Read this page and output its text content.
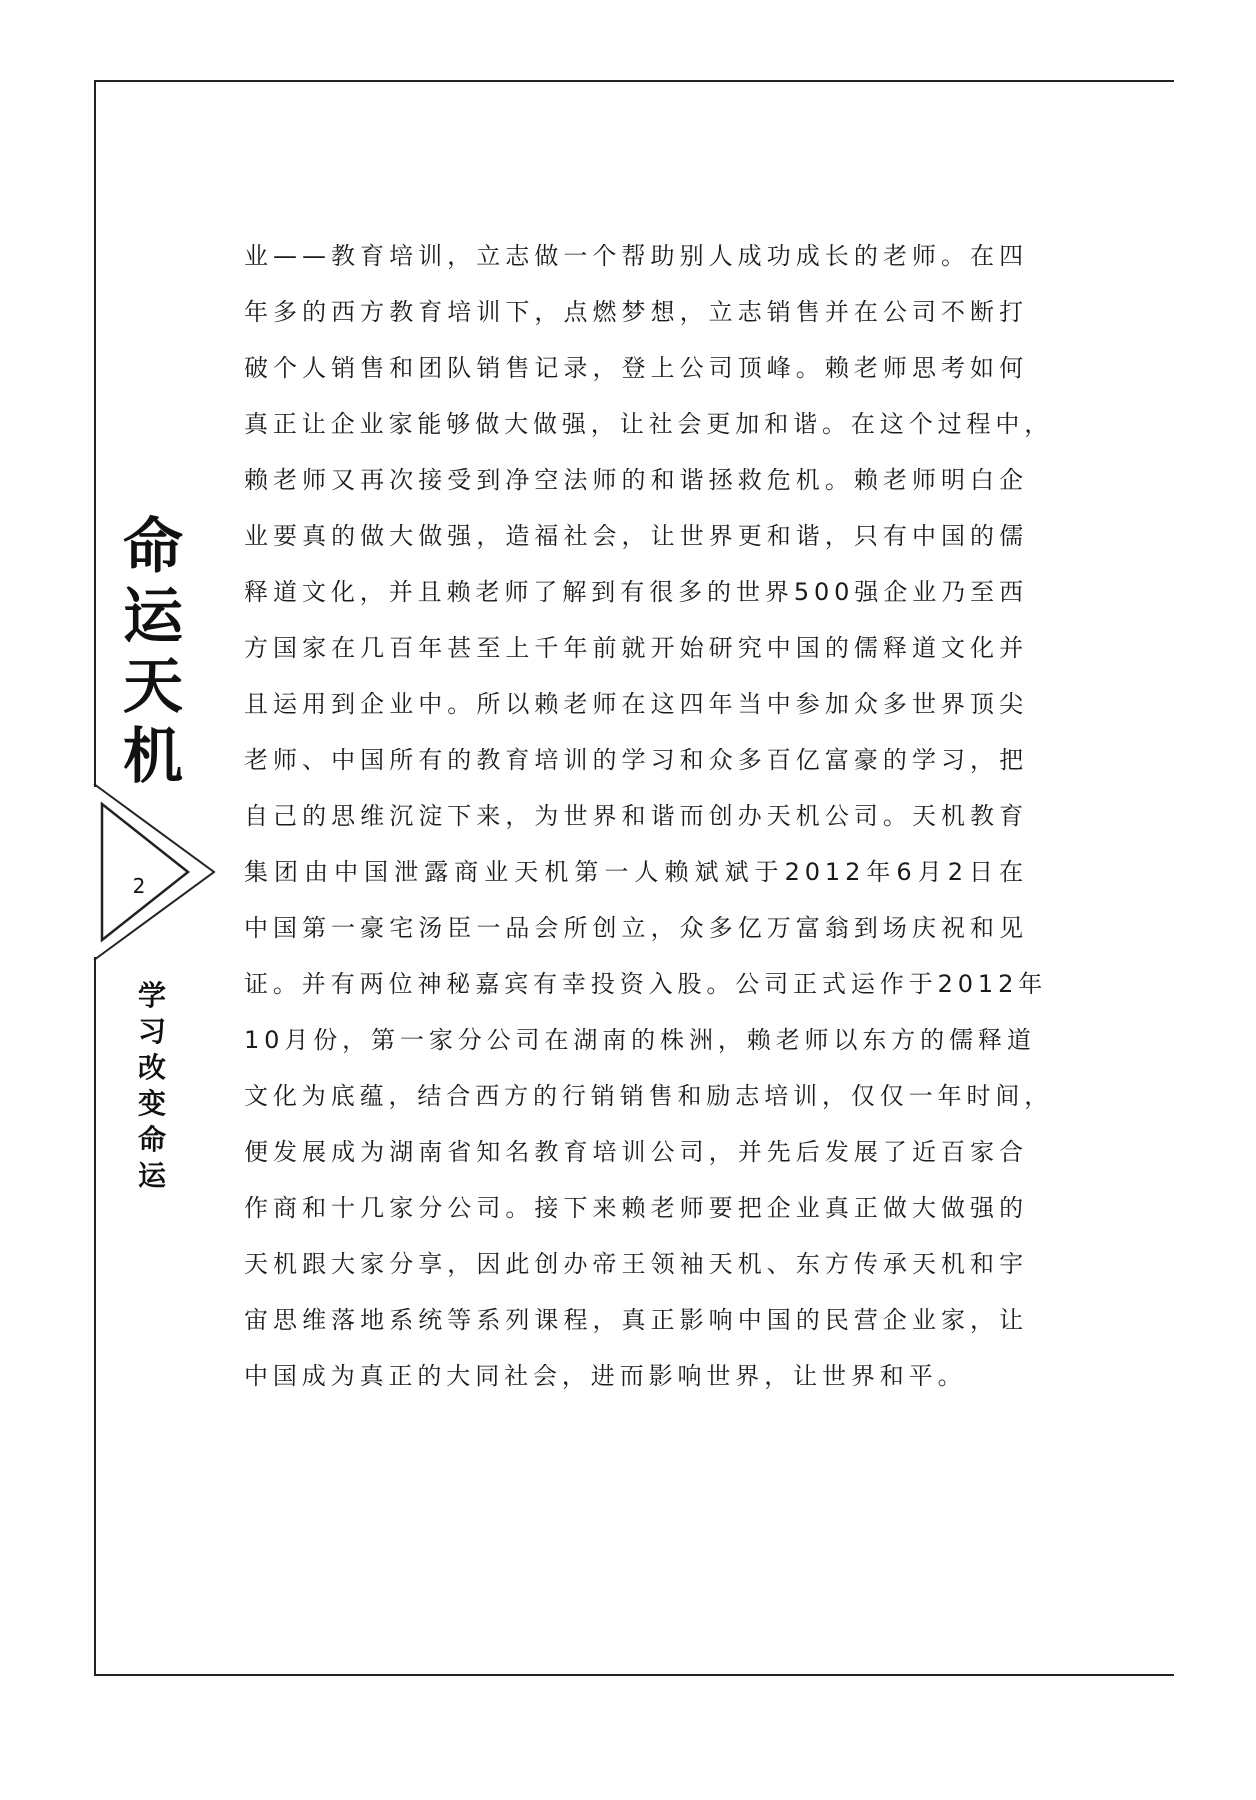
命
运
天
机
2
学
习
改
变
命
运
业——教育培训，立志做一个帮助别人成功成长的老师。在四
年多的西方教育培训下，点燃梦想，立志销售并在公司不断打
破个人销售和团队销售记录，登上公司顶峰。赖老师思考如何
真正让企业家能够做大做强，让社会更加和谐。在这个过程中，
赖老师又再次接受到净空法师的和谐拯救危机。赖老师明白企
业要真的做大做强，造福社会，让世界更和谐，只有中国的儒
释道文化，并且赖老师了解到有很多的世界500强企业乃至西
方国家在几百年甚至上千年前就开始研究中国的儒释道文化并
且运用到企业中。所以赖老师在这四年当中参加众多世界顶尖
老师、中国所有的教育培训的学习和众多百亿富豪的学习，把
自己的思维沉淀下来，为世界和谐而创办天机公司。天机教育
集团由中国泄露商业天机第一人赖斌斌于2012年6月2日在
中国第一豪宅汤臣一品会所创立，众多亿万富翁到场庆祝和见
证。并有两位神秘嘉宾有幸投资入股。公司正式运作于2012年
10月份，第一家分公司在湖南的株洲，赖老师以东方的儒释道
文化为底蕴，结合西方的行销销售和励志培训，仅仅一年时间，
便发展成为湖南省知名教育培训公司，并先后发展了近百家合
作商和十几家分公司。接下来赖老师要把企业真正做大做强的
天机跟大家分享，因此创办帝王领袖天机、东方传承天机和宇
宙思维落地系统等系列课程，真正影响中国的民营企业家，让
中国成为真正的大同社会，进而影响世界，让世界和平。
